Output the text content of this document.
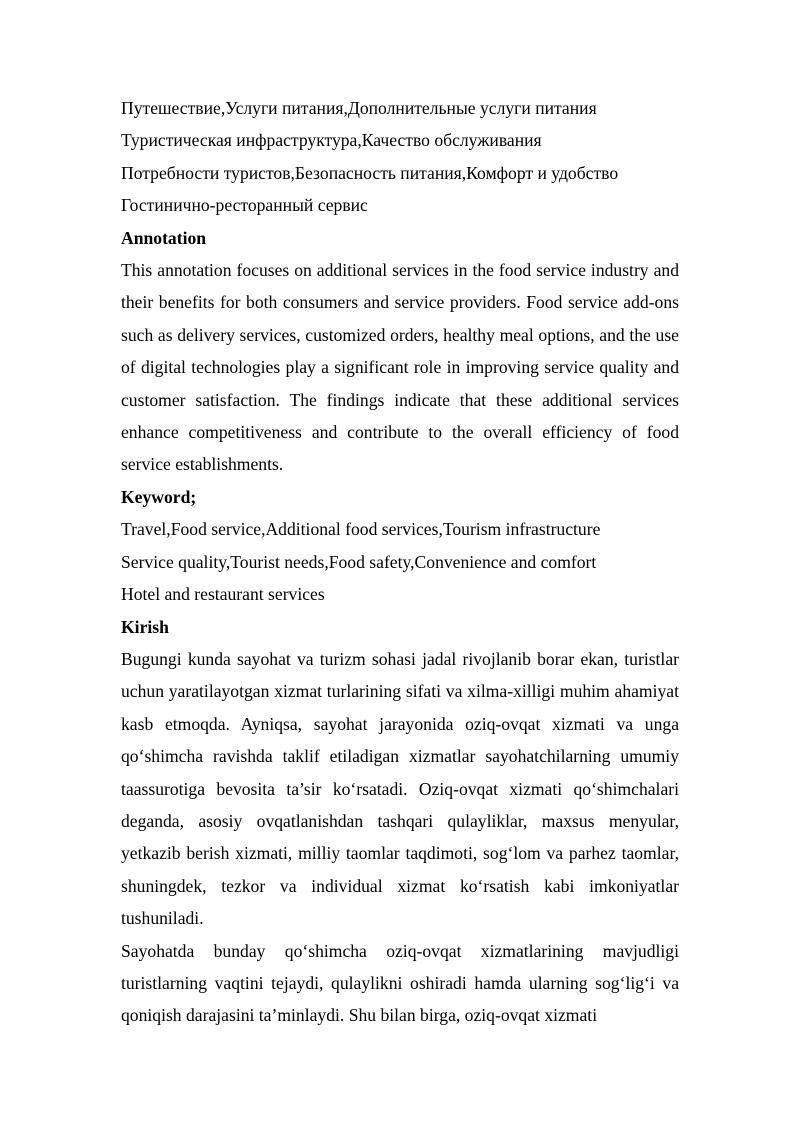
Путешествие,Услуги питания,Дополнительные услуги питания

Туристическая инфраструктура,Качество обслуживания

Потребности туристов,Безопасность питания,Комфорт и удобство

Гостинично-ресторанный сервис

Annotation

This annotation focuses on additional services in the food service industry and their benefits for both consumers and service providers. Food service add-ons such as delivery services, customized orders, healthy meal options, and the use of digital technologies play a significant role in improving service quality and customer satisfaction. The findings indicate that these additional services enhance competitiveness and contribute to the overall efficiency of food service establishments.

Keyword;

Travel,Food service,Additional food services,Tourism infrastructure

Service quality,Tourist needs,Food safety,Convenience and comfort

Hotel and restaurant services

Kirish

Bugungi kunda sayohat va turizm sohasi jadal rivojlanib borar ekan, turistlar uchun yaratilayotgan xizmat turlarining sifati va xilma-xilligi muhim ahamiyat kasb etmoqda. Ayniqsa, sayohat jarayonida oziq-ovqat xizmati va unga qo‘shimcha ravishda taklif etiladigan xizmatlar sayohatchilarning umumiy taassurotiga bevosita ta’sir ko‘rsatadi. Oziq-ovqat xizmati qo‘shimchalari deganda, asosiy ovqatlanishdan tashqari qulayliklar, maxsus menyular, yetkazib berish xizmati, milliy taomlar taqdimoti, sog‘lom va parhez taomlar, shuningdek, tezkor va individual xizmat ko‘rsatish kabi imkoniyatlar tushuniladi.

Sayohatda bunday qo‘shimcha oziq-ovqat xizmatlarining mavjudligi turistlarning vaqtini tejaydi, qulaylikni oshiradi hamda ularning sog‘lig‘i va qoniqish darajasini ta’minlaydi. Shu bilan birga, oziq-ovqat xizmati
